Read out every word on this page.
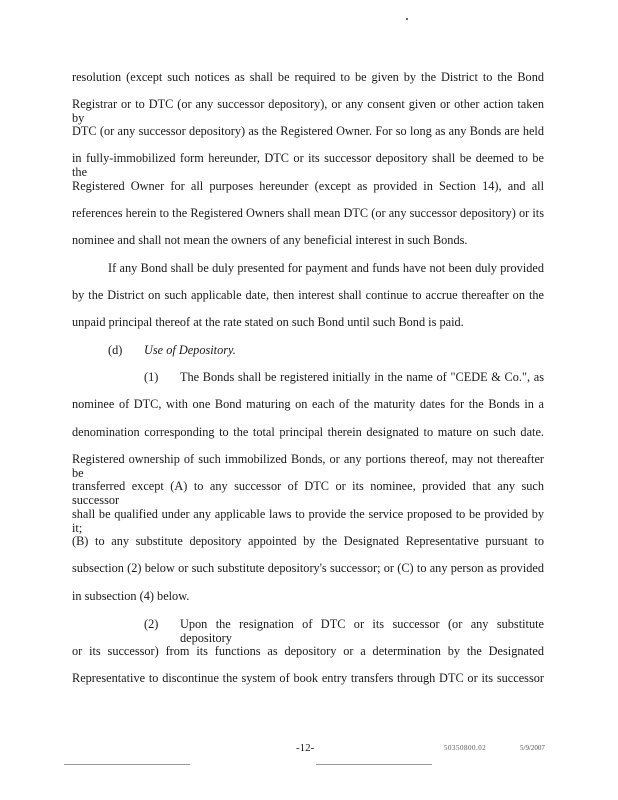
resolution (except such notices as shall be required to be given by the District to the Bond
Registrar or to DTC (or any successor depository), or any consent given or other action taken by
DTC (or any successor depository) as the Registered Owner. For so long as any Bonds are held
in fully-immobilized form hereunder, DTC or its successor depository shall be deemed to be the
Registered Owner for all purposes hereunder (except as provided in Section 14), and all
references herein to the Registered Owners shall mean DTC (or any successor depository) or its
nominee and shall not mean the owners of any beneficial interest in such Bonds.
If any Bond shall be duly presented for payment and funds have not been duly provided
by the District on such applicable date, then interest shall continue to accrue thereafter on the
unpaid principal thereof at the rate stated on such Bond until such Bond is paid.
(d) Use of Depository.
(1) The Bonds shall be registered initially in the name of "CEDE & Co.", as
nominee of DTC, with one Bond maturing on each of the maturity dates for the Bonds in a
denomination corresponding to the total principal therein designated to mature on such date.
Registered ownership of such immobilized Bonds, or any portions thereof, may not thereafter be
transferred except (A) to any successor of DTC or its nominee, provided that any such successor
shall be qualified under any applicable laws to provide the service proposed to be provided by it;
(B) to any substitute depository appointed by the Designated Representative pursuant to
subsection (2) below or such substitute depository's successor; or (C) to any person as provided
in subsection (4) below.
(2) Upon the resignation of DTC or its successor (or any substitute depository
or its successor) from its functions as depository or a determination by the Designated
Representative to discontinue the system of book entry transfers through DTC or its successor
-12-	50350800.02	5/9/2007
